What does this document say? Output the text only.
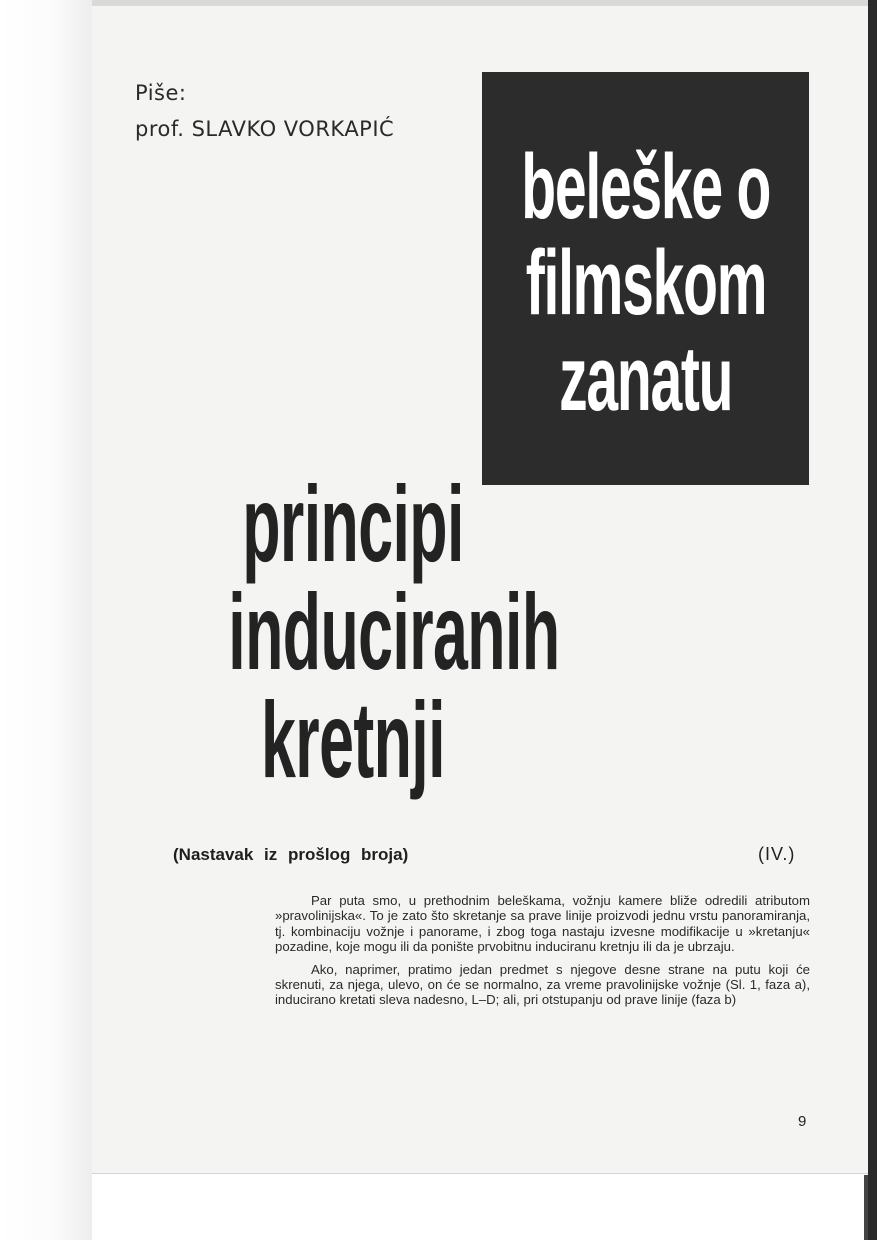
Piše:
prof. SLAVKO VORKAPIĆ
beleške o
filmskom
zanatu
principi
induciranih
kretnji
(Nastavak iz prošlog broja)	(IV.)

Par puta smo, u prethodnim beleškama, vožnju kamere bliže odredili atributom »pravolinijska«. To je zato što skretanje sa prave linije proizvodi jednu vrstu panoramiranja, tj. kombinaciju vožnje i panorame, i zbog toga nastaju izvesne modifikacije u »kretanju« pozadine, koje mogu ili da ponište prvobitnu induciranu kretnju ili da je ubrzaju.

Ako, naprimer, pratimo jedan predmet s njegove desne strane na putu koji će skrenuti, za njega, ulevo, on će se normalno, za vreme pravolinijske vožnje (Sl. 1, faza a), inducirano kretati sleva nadesno, L–D; ali, pri otstupanju od prave linije (faza b)

9
